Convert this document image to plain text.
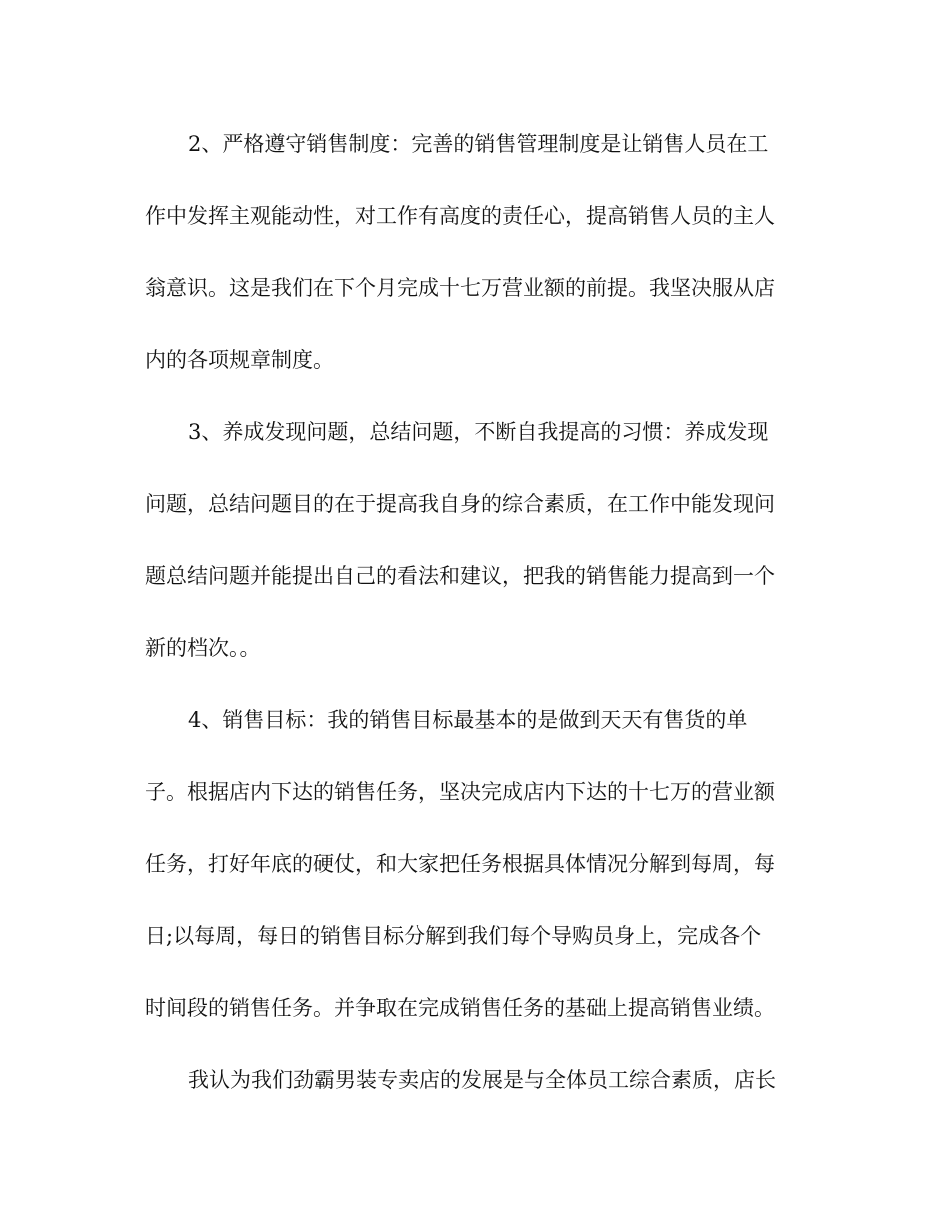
2、严格遵守销售制度：完善的销售管理制度是让销售人员在工
作中发挥主观能动性，对工作有高度的责任心，提高销售人员的主人
翁意识。这是我们在下个月完成十七万营业额的前提。我坚决服从店
内的各项规章制度。
3、养成发现问题，总结问题，不断自我提高的习惯：养成发现
问题，总结问题目的在于提高我自身的综合素质，在工作中能发现问
题总结问题并能提出自己的看法和建议，把我的销售能力提高到一个
新的档次。。
4、销售目标：我的销售目标最基本的是做到天天有售货的单
子。根据店内下达的销售任务，坚决完成店内下达的十七万的营业额
任务，打好年底的硬仗，和大家把任务根据具体情况分解到每周，每
日;以每周，每日的销售目标分解到我们每个导购员身上，完成各个
时间段的销售任务。并争取在完成销售任务的基础上提高销售业绩。
我认为我们劲霸男装专卖店的发展是与全体员工综合素质，店长
